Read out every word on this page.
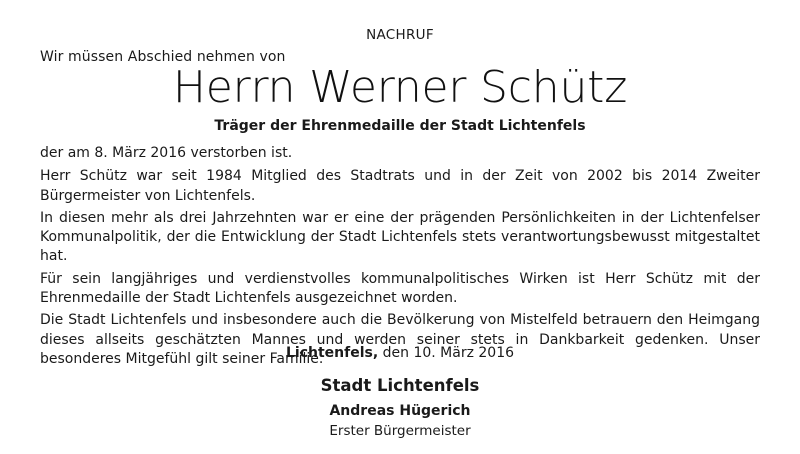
NACHRUF
Wir müssen Abschied nehmen von
Herrn Werner Schütz
Träger der Ehrenmedaille der Stadt Lichtenfels

der am 8. März 2016 verstorben ist.

Herr Schütz war seit 1984 Mitglied des Stadtrats und in der Zeit von 2002 bis 2014 Zweiter Bürgermeister von Lichtenfels.

In diesen mehr als drei Jahrzehnten war er eine der prägenden Persönlichkeiten in der Lichtenfelser Kommunalpolitik, der die Entwicklung der Stadt Lichtenfels stets verantwortungsbewusst mitgestaltet hat.

Für sein langjähriges und verdienstvolles kommunalpolitisches Wirken ist Herr Schütz mit der Ehrenmedaille der Stadt Lichtenfels ausgezeichnet worden.

Die Stadt Lichtenfels und insbesondere auch die Bevölkerung von Mistelfeld betrauern den Heimgang dieses allseits geschätzten Mannes und werden seiner stets in Dankbarkeit gedenken. Unser besonderes Mitgefühl gilt seiner Familie.

Lichtenfels, den 10. März 2016
Stadt Lichtenfels
Andreas Hügerich
Erster Bürgermeister
